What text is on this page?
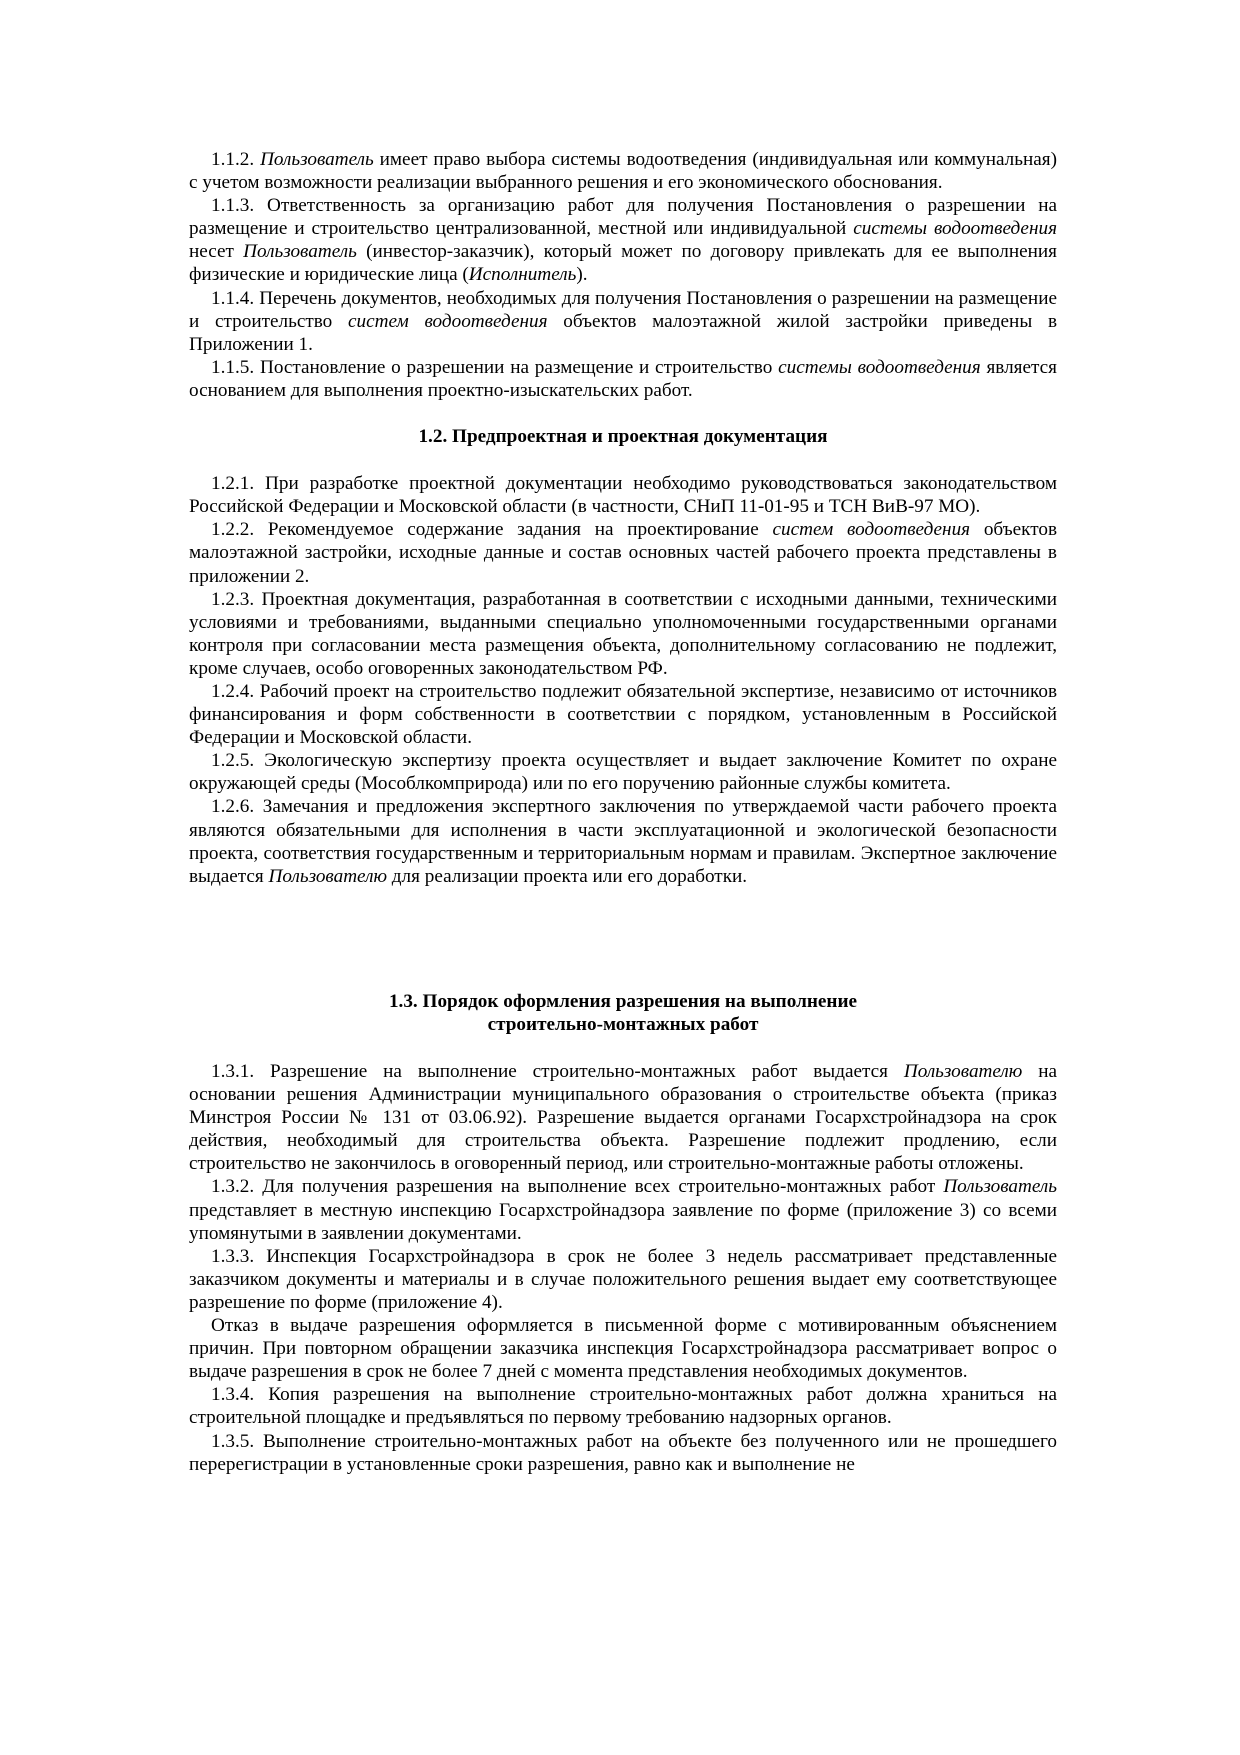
1.1.2. Пользователь имеет право выбора системы водоотведения (индивидуальная или коммунальная) с учетом возможности реализации выбранного решения и его экономического обоснования.

1.1.3. Ответственность за организацию работ для получения Постановления о разрешении на размещение и строительство централизованной, местной или индивидуальной системы водоотведения несет Пользователь (инвестор-заказчик), который может по договору привлекать для ее выполнения физические и юридические лица (Исполнитель).

1.1.4. Перечень документов, необходимых для получения Постановления о разрешении на размещение и строительство систем водоотведения объектов малоэтажной жилой застройки приведены в Приложении 1.

1.1.5. Постановление о разрешении на размещение и строительство системы водоотведения является основанием для выполнения проектно-изыскательских работ.

1.2. Предпроектная и проектная документация

1.2.1. При разработке проектной документации необходимо руководствоваться законодательством Российской Федерации и Московской области (в частности, СНиП 11-01-95 и ТСН ВиВ-97 МО).

1.2.2. Рекомендуемое содержание задания на проектирование систем водоотведения объектов малоэтажной застройки, исходные данные и состав основных частей рабочего проекта представлены в приложении 2.

1.2.3. Проектная документация, разработанная в соответствии с исходными данными, техническими условиями и требованиями, выданными специально уполномоченными государственными органами контроля при согласовании места размещения объекта, дополнительному согласованию не подлежит, кроме случаев, особо оговоренных законодательством РФ.

1.2.4. Рабочий проект на строительство подлежит обязательной экспертизе, независимо от источников финансирования и форм собственности в соответствии с порядком, установленным в Российской Федерации и Московской области.

1.2.5. Экологическую экспертизу проекта осуществляет и выдает заключение Комитет по охране окружающей среды (Мособлкомприрода) или по его поручению районные службы комитета.

1.2.6. Замечания и предложения экспертного заключения по утверждаемой части рабочего проекта являются обязательными для исполнения в части эксплуатационной и экологической безопасности проекта, соответствия государственным и территориальным нормам и правилам. Экспертное заключение выдается Пользователю для реализации проекта или его доработки.

1.3. Порядок оформления разрешения на выполнение
строительно-монтажных работ

1.3.1. Разрешение на выполнение строительно-монтажных работ выдается Пользователю на основании решения Администрации муниципального образования о строительстве объекта (приказ Минстроя России № 131 от 03.06.92). Разрешение выдается органами Госархстройнадзора на срок действия, необходимый для строительства объекта. Разрешение подлежит продлению, если строительство не закончилось в оговоренный период, или строительно-монтажные работы отложены.

1.3.2. Для получения разрешения на выполнение всех строительно-монтажных работ Пользователь представляет в местную инспекцию Госархстройнадзора заявление по форме (приложение 3) со всеми упомянутыми в заявлении документами.

1.3.3. Инспекция Госархстройнадзора в срок не более 3 недель рассматривает представленные заказчиком документы и материалы и в случае положительного решения выдает ему соответствующее разрешение по форме (приложение 4).

Отказ в выдаче разрешения оформляется в письменной форме с мотивированным объяснением причин. При повторном обращении заказчика инспекция Госархстройнадзора рассматривает вопрос о выдаче разрешения в срок не более 7 дней с момента представления необходимых документов.

1.3.4. Копия разрешения на выполнение строительно-монтажных работ должна храниться на строительной площадке и предъявляться по первому требованию надзорных органов.

1.3.5. Выполнение строительно-монтажных работ на объекте без полученного или не прошедшего перерегистрации в установленные сроки разрешения, равно как и выполнение не
